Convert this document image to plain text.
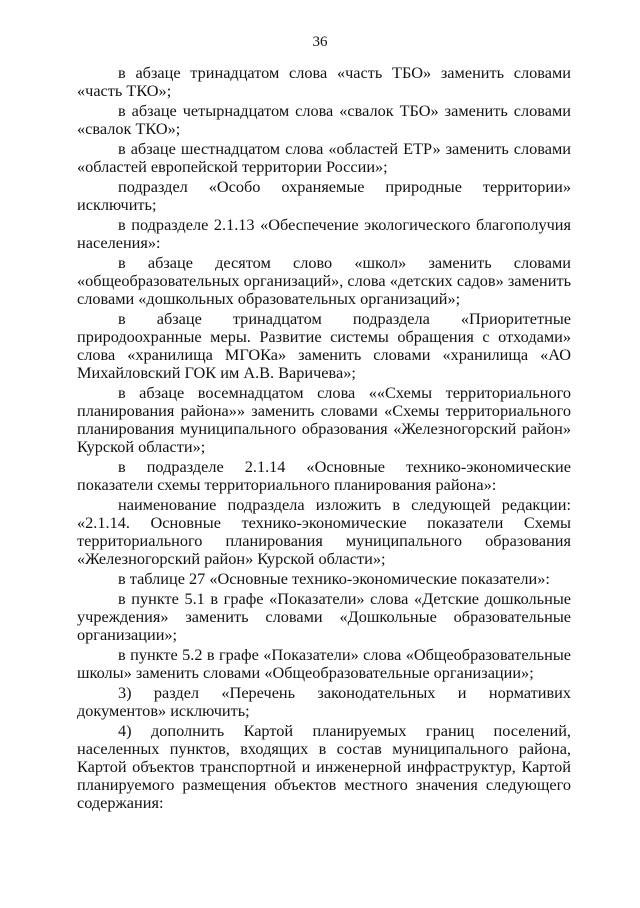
36

в абзаце тринадцатом слова «часть ТБО» заменить словами «часть ТКО»;

в абзаце четырнадцатом слова «свалок ТБО» заменить словами «свалок ТКО»;

в абзаце шестнадцатом слова «областей ЕТР» заменить словами «областей европейской территории России»;

подраздел «Особо охраняемые природные территории» исключить;

в подразделе 2.1.13 «Обеспечение экологического благополучия населения»:

в абзаце десятом слово «школ» заменить словами «общеобразовательных организаций», слова «детских садов» заменить словами «дошкольных образовательных организаций»;

в абзаце тринадцатом подраздела «Приоритетные природоохранные меры. Развитие системы обращения с отходами» слова «хранилища МГОКа» заменить словами «хранилища «АО Михайловский ГОК им А.В. Варичева»;

в абзаце восемнадцатом слова ««Схемы территориального планирования района»» заменить словами «Схемы территориального планирования муниципального образования «Железногорский район» Курской области»;

в подразделе 2.1.14 «Основные технико-экономические показатели схемы территориального планирования района»:

наименование подраздела изложить в следующей редакции: «2.1.14. Основные технико-экономические показатели Схемы территориального планирования муниципального образования «Железногорский район» Курской области»;

в таблице 27 «Основные технико-экономические показатели»:

в пункте 5.1 в графе «Показатели» слова «Детские дошкольные учреждения» заменить словами «Дошкольные образовательные организации»;

в пункте 5.2 в графе «Показатели» слова «Общеобразовательные школы» заменить словами «Общеобразовательные организации»;

3) раздел «Перечень законодательных и нормативих документов» исключить;

4) дополнить Картой планируемых границ поселений, населенных пунктов, входящих в состав муниципального района, Картой объектов транспортной и инженерной инфраструктур, Картой планируемого размещения объектов местного значения следующего содержания:
